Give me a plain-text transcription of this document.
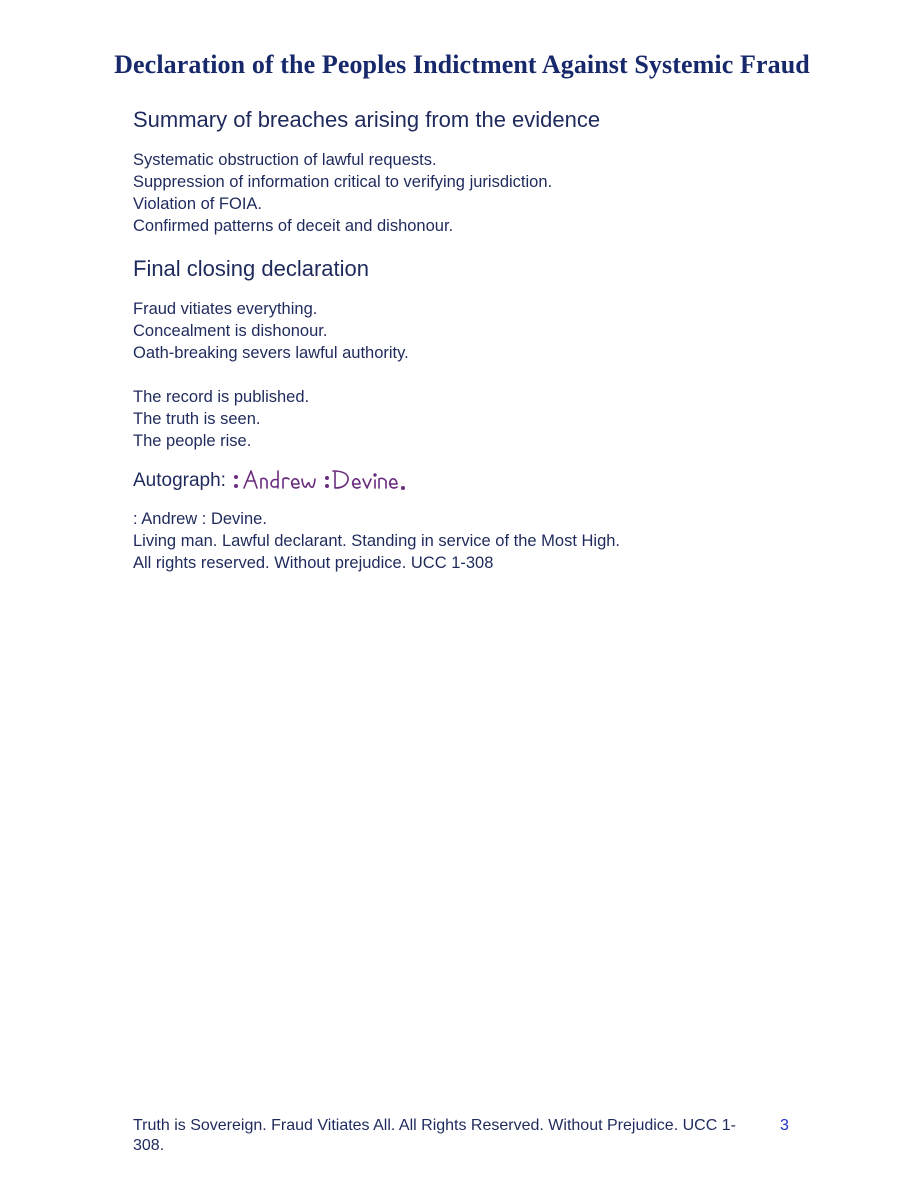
Declaration of the Peoples Indictment Against Systemic Fraud
Summary of breaches arising from the evidence
Systematic obstruction of lawful requests.
Suppression of information critical to verifying jurisdiction.
Violation of FOIA.
Confirmed patterns of deceit and dishonour.
Final closing declaration
Fraud vitiates everything.
Concealment is dishonour.
Oath-breaking severs lawful authority.
The record is published.
The truth is seen.
The people rise.
Autograph:
: Andrew : Devine.
Living man. Lawful declarant. Standing in service of the Most High.
All rights reserved. Without prejudice. UCC 1-308
Truth is Sovereign. Fraud Vitiates All. All Rights Reserved. Without Prejudice. UCC 1-308.
3
